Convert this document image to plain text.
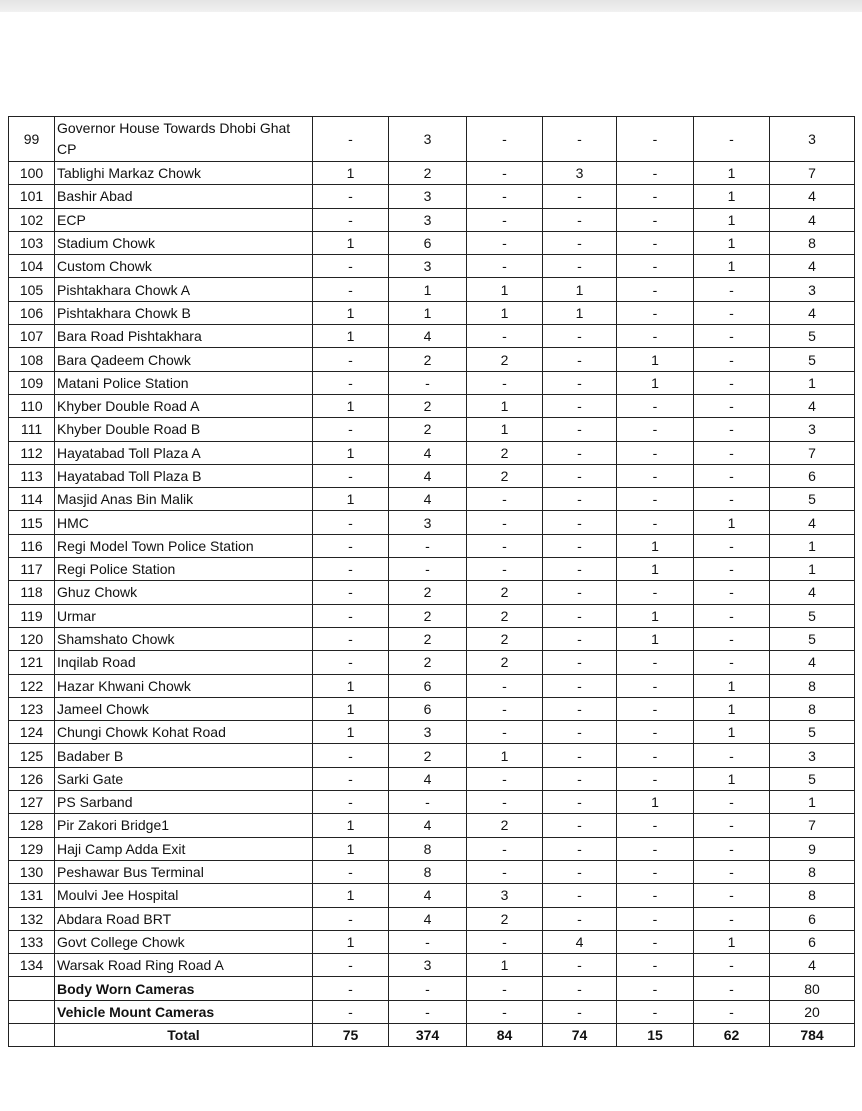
99	Governor House Towards Dhobi Ghat CP	-	3	-	-	-	-	3
100	Tablighi Markaz Chowk	1	2	-	3	-	1	7
101	Bashir Abad	-	3	-	-	-	1	4
102	ECP	-	3	-	-	-	1	4
103	Stadium Chowk	1	6	-	-	-	1	8
104	Custom Chowk	-	3	-	-	-	1	4
105	Pishtakhara Chowk A	-	1	1	1	-	-	3
106	Pishtakhara Chowk B	1	1	1	1	-	-	4
107	Bara Road Pishtakhara	1	4	-	-	-	-	5
108	Bara Qadeem Chowk	-	2	2	-	1	-	5
109	Matani Police Station	-	-	-	-	1	-	1
110	Khyber Double Road A	1	2	1	-	-	-	4
111	Khyber Double Road B	-	2	1	-	-	-	3
112	Hayatabad Toll Plaza A	1	4	2	-	-	-	7
113	Hayatabad Toll Plaza B	-	4	2	-	-	-	6
114	Masjid Anas Bin Malik	1	4	-	-	-	-	5
115	HMC	-	3	-	-	-	1	4
116	Regi Model Town Police Station	-	-	-	-	1	-	1
117	Regi Police Station	-	-	-	-	1	-	1
118	Ghuz Chowk	-	2	2	-	-	-	4
119	Urmar	-	2	2	-	1	-	5
120	Shamshato Chowk	-	2	2	-	1	-	5
121	Inqilab Road	-	2	2	-	-	-	4
122	Hazar Khwani Chowk	1	6	-	-	-	1	8
123	Jameel Chowk	1	6	-	-	-	1	8
124	Chungi Chowk Kohat Road	1	3	-	-	-	1	5
125	Badaber B	-	2	1	-	-	-	3
126	Sarki Gate	-	4	-	-	-	1	5
127	PS Sarband	-	-	-	-	1	-	1
128	Pir Zakori Bridge1	1	4	2	-	-	-	7
129	Haji Camp Adda Exit	1	8	-	-	-	-	9
130	Peshawar Bus Terminal	-	8	-	-	-	-	8
131	Moulvi Jee Hospital	1	4	3	-	-	-	8
132	Abdara Road BRT	-	4	2	-	-	-	6
133	Govt College Chowk	1	-	-	4	-	1	6
134	Warsak Road Ring Road A	-	3	1	-	-	-	4
	Body Worn Cameras	-	-	-	-	-	-	80
	Vehicle Mount Cameras	-	-	-	-	-	-	20
	Total	75	374	84	74	15	62	784
